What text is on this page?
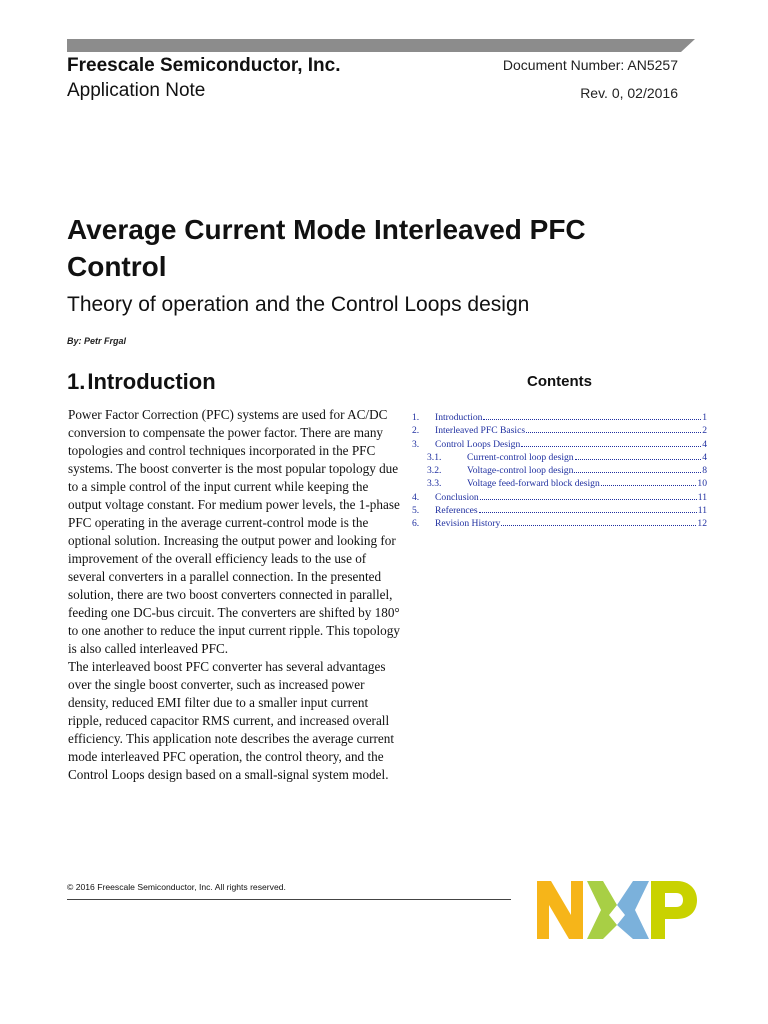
Freescale Semiconductor, Inc.
Application Note
Document Number: AN5257
Rev. 0, 02/2016
Average Current Mode Interleaved PFC
Control
Theory of operation and the Control Loops design
By: Petr Frgal
1.Introduction

Power Factor Correction (PFC) systems are used for AC/DC conversion to compensate the power factor. There are many topologies and control techniques incorporated in the PFC systems. The boost converter is the most popular topology due to a simple control of the input current while keeping the output voltage constant. For medium power levels, the 1-phase PFC operating in the average current-control mode is the optional solution. Increasing the output power and looking for improvement of the overall efficiency leads to the use of several converters in a parallel connection. In the presented solution, there are two boost converters connected in parallel, feeding one DC-bus circuit. The converters are shifted by 180° to one another to reduce the input current ripple. This topology is also called interleaved PFC.

The interleaved boost PFC converter has several advantages over the single boost converter, such as increased power density, reduced EMI filter due to a smaller input current ripple, reduced capacitor RMS current, and increased overall efficiency. This application note describes the average current mode interleaved PFC operation, the control theory, and the Control Loops design based on a small-signal system model.

Contents
1.	Introduction	1
2.	Interleaved PFC Basics	2
3.	Control Loops Design	4
3.1.	Current-control loop design	4
3.2.	Voltage-control loop design	8
3.3.	Voltage feed-forward block design	10
4.	Conclusion	11
5.	References	11
6.	Revision History	12
© 2016 Freescale Semiconductor, Inc. All rights reserved.
